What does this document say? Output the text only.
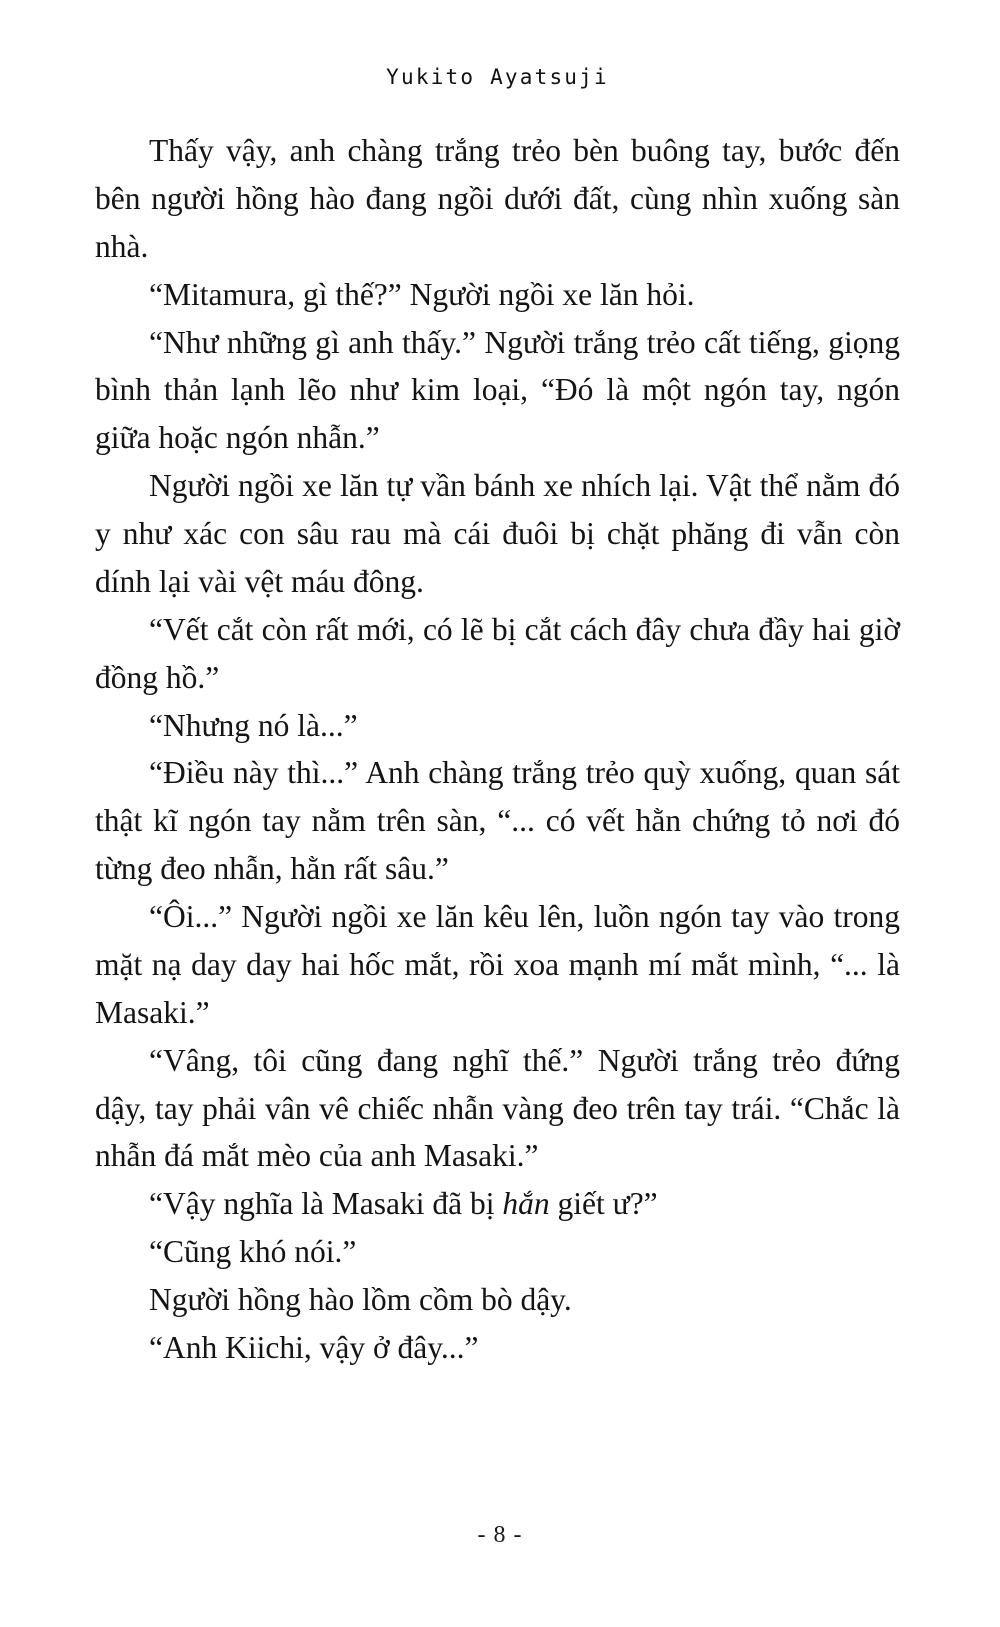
Yukito Ayatsuji

Thấy vậy, anh chàng trắng trẻo bèn buông tay, bước đến bên người hồng hào đang ngồi dưới đất, cùng nhìn xuống sàn nhà.

“Mitamura, gì thế?” Người ngồi xe lăn hỏi.

“Như những gì anh thấy.” Người trắng trẻo cất tiếng, giọng bình thản lạnh lẽo như kim loại, “Đó là một ngón tay, ngón giữa hoặc ngón nhẫn.”

Người ngồi xe lăn tự vần bánh xe nhích lại. Vật thể nằm đó y như xác con sâu rau mà cái đuôi bị chặt phăng đi vẫn còn dính lại vài vệt máu đông.

“Vết cắt còn rất mới, có lẽ bị cắt cách đây chưa đầy hai giờ đồng hồ.”

“Nhưng nó là...”

“Điều này thì...” Anh chàng trắng trẻo quỳ xuống, quan sát thật kĩ ngón tay nằm trên sàn, “... có vết hằn chứng tỏ nơi đó từng đeo nhẫn, hằn rất sâu.”

“Ôi...” Người ngồi xe lăn kêu lên, luồn ngón tay vào trong mặt nạ day day hai hốc mắt, rồi xoa mạnh mí mắt mình, “... là Masaki.”

“Vâng, tôi cũng đang nghĩ thế.” Người trắng trẻo đứng dậy, tay phải vân vê chiếc nhẫn vàng đeo trên tay trái. “Chắc là nhẫn đá mắt mèo của anh Masaki.”

“Vậy nghĩa là Masaki đã bị hắn giết ư?”

“Cũng khó nói.”

Người hồng hào lồm cồm bò dậy.

“Anh Kiichi, vậy ở đây...”

- 8 -
